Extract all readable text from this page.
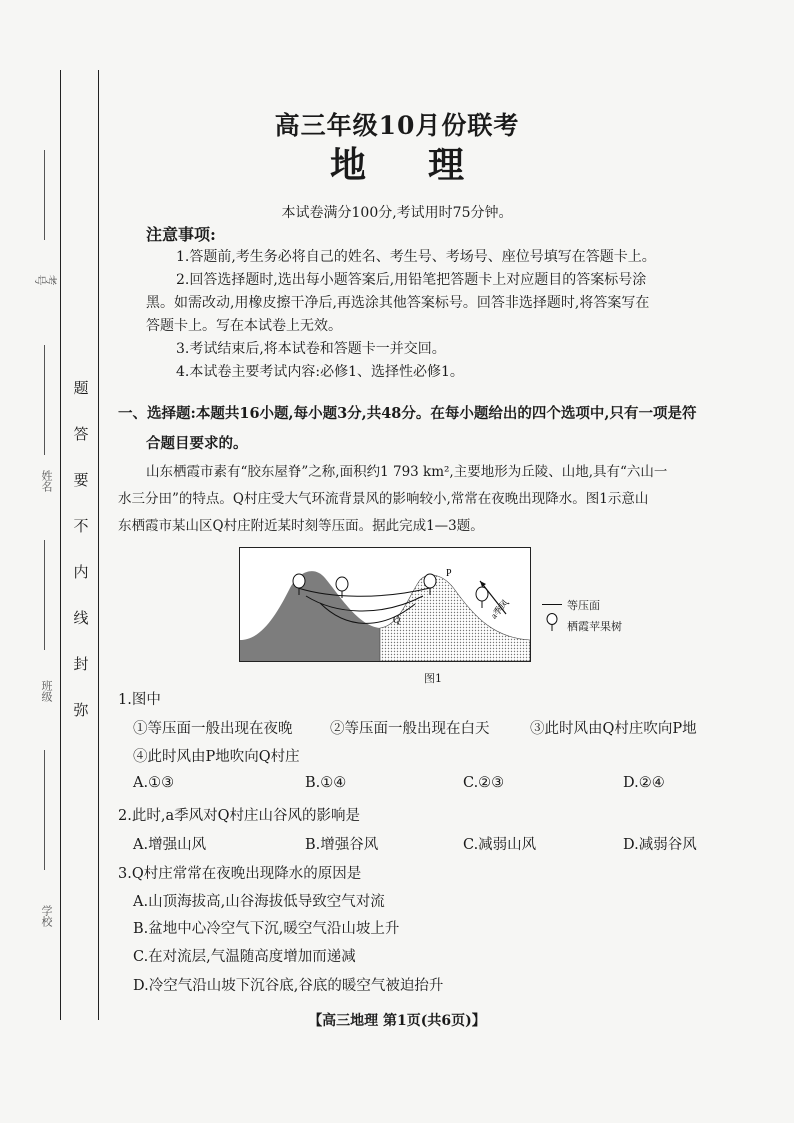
考号
姓名
班级
学校
题
答
要
不
内
线
封
弥
高三年级10月份联考
地理
本试卷满分100分,考试用时75分钟。
注意事项:
1.答题前,考生务必将自己的姓名、考生号、考场号、座位号填写在答题卡上。
2.回答选择题时,选出每小题答案后,用铅笔把答题卡上对应题目的答案标号涂
黑。如需改动,用橡皮擦干净后,再选涂其他答案标号。回答非选择题时,将答案写在
答题卡上。写在本试卷上无效。
3.考试结束后,将本试卷和答题卡一并交回。
4.本试卷主要考试内容:必修1、选择性必修1。
一、选择题:本题共16小题,每小题3分,共48分。在每小题给出的四个选项中,只有一项是符
合题目要求的。
山东栖霞市素有“胶东屋脊”之称,面积约1 793 km²,主要地形为丘陵、山地,具有“六山一
水三分田”的特点。Q村庄受大气环流背景风的影响较小,常常在夜晚出现降水。图1示意山
东栖霞市某山区Q村庄附近某时刻等压面。据此完成1—3题。
P
Q	a季风	等压面
栖霞苹果树
图1
1.图中
①等压面一般出现在夜晚	②等压面一般出现在白天	③此时风由Q村庄吹向P地
④此时风由P地吹向Q村庄
A.①③	B.①④	C.②③	D.②④
2.此时,a季风对Q村庄山谷风的影响是
A.增强山风	B.增强谷风	C.减弱山风	D.减弱谷风
3.Q村庄常常在夜晚出现降水的原因是
A.山顶海拔高,山谷海拔低导致空气对流
B.盆地中心冷空气下沉,暖空气沿山坡上升
C.在对流层,气温随高度增加而递减
D.冷空气沿山坡下沉谷底,谷底的暖空气被迫抬升
【高三地理 第1页(共6页)】
